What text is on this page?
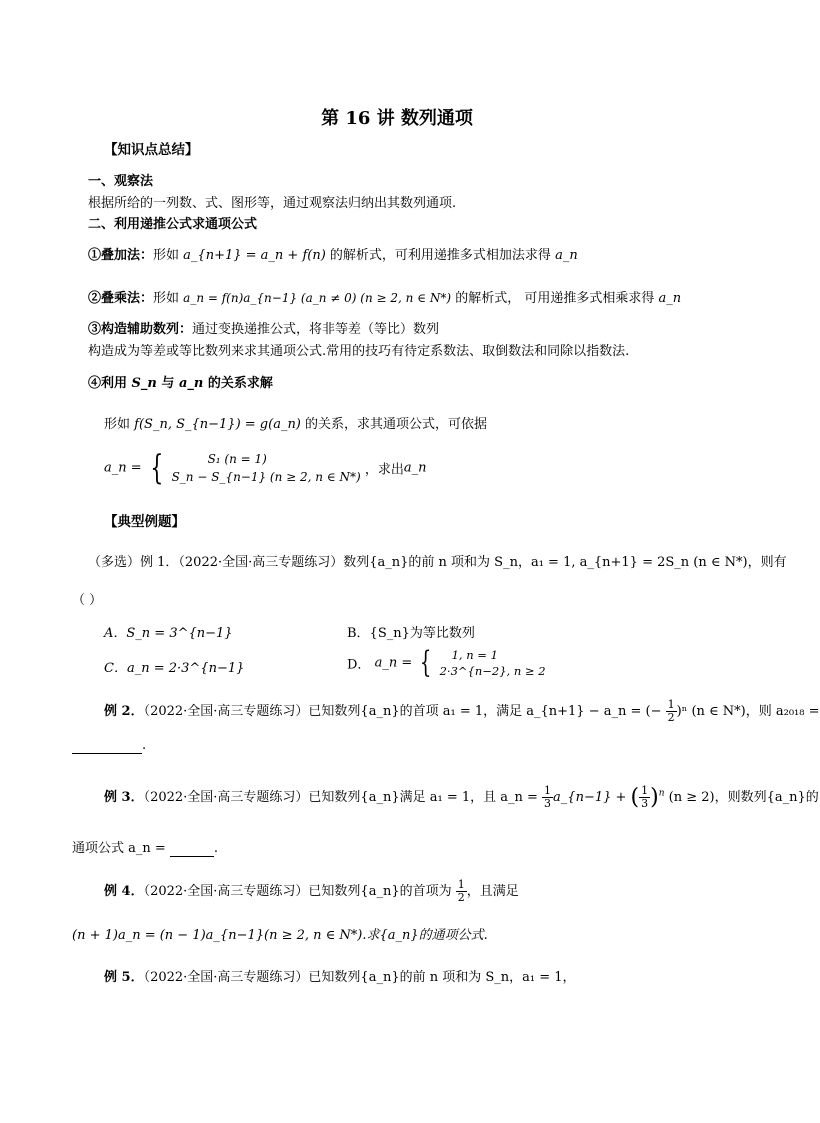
第 16 讲 数列通项
【知识点总结】
一、观察法
根据所给的一列数、式、图形等，通过观察法归纳出其数列通项.
二、利用递推公式求通项公式
①叠加法：形如 a_{n+1} = a_n + f(n) 的解析式，可利用递推多式相加法求得 a_n
②叠乘法：形如 a_n = f(n)a_{n−1} (a_n ≠ 0) (n ≥ 2, n ∈ N*) 的解析式， 可用递推多式相乘求得 a_n
③构造辅助数列：通过变换递推公式，将非等差（等比）数列
构造成为等差或等比数列来求其通项公式.常用的技巧有待定系数法、取倒数法和同除以指数法.
④利用 S_n 与 a_n 的关系求解
形如 f(S_n, S_{n−1}) = g(a_n) 的关系，求其通项公式，可依据
a_n = {	S₁ (n = 1)
S_n − S_{n−1} (n ≥ 2, n ∈ N*) ，求出a_n
【典型例题】
（多选）例 1．（2022·全国·高三专题练习）数列{a_n}的前 n 项和为 S_n，a₁ = 1, a_{n+1} = 2S_n (n ∈ N*)，则有
（ ）
A．S_n = 3^{n−1}	B．{S_n}为等比数列
C．a_n = 2·3^{n−1}	D． a_n = {	1, n = 1
2·3^{n−2}, n ≥ 2
例 2．（2022·全国·高三专题练习）已知数列{a_n}的首项 a₁ = 1，满足 a_{n+1} − a_n = (− $\frac{1}{2} )^n$ (n ∈ N*)，则 a₂₀₁₈ =
.
例 3．（2022·全国·高三专题练习）已知数列{a_n}满足 a₁ = 1，且 a_n = $\frac{1}{3}$ a_{n−1} + ( $\frac{1}{3} )^n$ (n ≥ 2)，则数列{a_n}的
通项公式 a_n =	.
例 4．（2022·全国·高三专题练习）已知数列{a_n}的首项为 $\frac{1}{2}$ ，且满足
(n + 1)a_n = (n − 1)a_{n−1}(n ≥ 2, n ∈ N*).求{a_n}的通项公式.
例 5．（2022·全国·高三专题练习）已知数列{a_n}的前 n 项和为 S_n，a₁ = 1，
